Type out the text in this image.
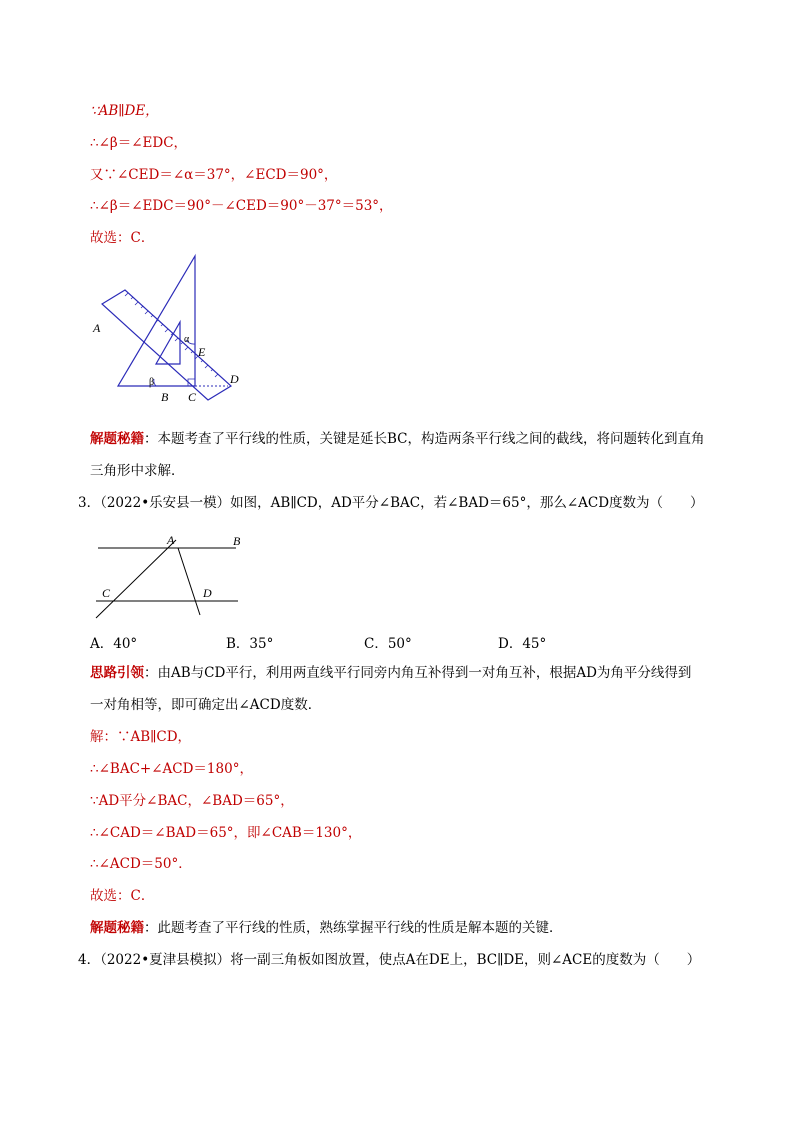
∵AB∥DE，
∴∠β＝∠EDC，
又∵∠CED＝∠α＝37°，∠ECD＝90°，
∴∠β＝∠EDC＝90°－∠CED＝90°－37°＝53°，
故选：C．
A
B C
D
E
α
β
解题秘籍：本题考查了平行线的性质，关键是延长BC，构造两条平行线之间的截线，将问题转化到直角
三角形中求解．
3．（2022•乐安县一模）如图，AB∥CD，AD平分∠BAC，若∠BAD＝65°，那么∠ACD度数为（　　）
A	B
C	D
A．40°	B．35°	C．50°	D．45°
思路引领：由AB与CD平行，利用两直线平行同旁内角互补得到一对角互补，根据AD为角平分线得到
一对角相等，即可确定出∠ACD度数．
解：∵AB∥CD，
∴∠BAC+∠ACD＝180°，
∵AD平分∠BAC，∠BAD＝65°，
∴∠CAD＝∠BAD＝65°，即∠CAB＝130°，
∴∠ACD＝50°．
故选：C．
解题秘籍：此题考查了平行线的性质，熟练掌握平行线的性质是解本题的关键．
4．（2022•夏津县模拟）将一副三角板如图放置，使点A在DE上，BC∥DE，则∠ACE的度数为（　　）
